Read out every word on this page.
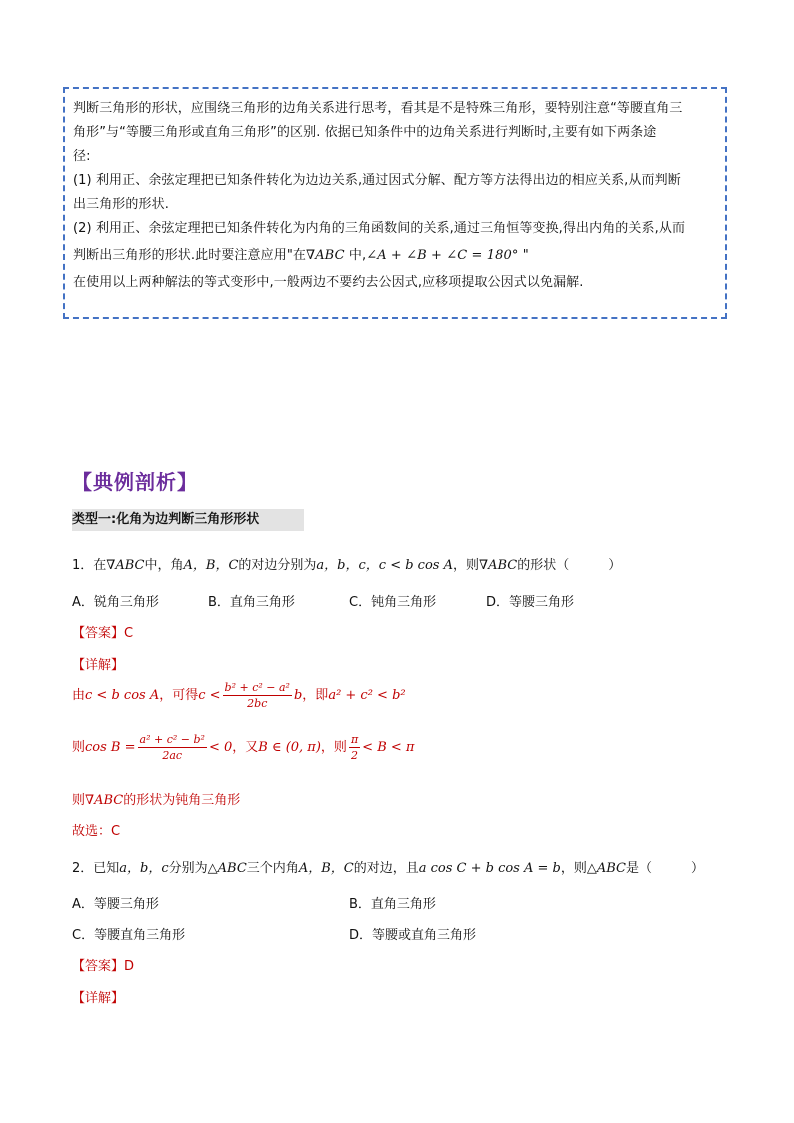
判断三角形的形状，应围绕三角形的边角关系进行思考，看其是不是特殊三角形，要特别注意“等腰直角三

角形”与“等腰三角形或直角三角形”的区别. 依据已知条件中的边角关系进行判断时,主要有如下两条途

径:

(1) 利用正、余弦定理把已知条件转化为边边关系,通过因式分解、配方等方法得出边的相应关系,从而判断

出三角形的形状.

(2) 利用正、余弦定理把已知条件转化为内角的三角函数间的关系,通过三角恒等变换,得出内角的关系,从而

判断出三角形的形状.此时要注意应用"在∇ABC 中,∠A + ∠B + ∠C = 180° "

在使用以上两种解法的等式变形中,一般两边不要约去公因式,应移项提取公因式以免漏解.

【典例剖析】
类型一:化角为边判断三角形形状
1．在∇ABC中，角A，B，C的对边分别为a，b，c，c < b cos A，则∇ABC的形状（　　　）
A．锐角三角形	B．直角三角形	C．钝角三角形	D．等腰三角形
【答案】C
【详解】
由c < b cos A，可得$c < \frac{\text{b² + c² − a²}}{2bc}$ b，即a² + c² < b²
则$\cos B = \frac{\text{a² + c² − b²}}{2ac} < 0$，又B ∈ (0, π)，则 $\frac{\pi}{2} < B < \pi$
则∇ABC的形状为钝角三角形
故选：C
2．已知a，b，c分别为△ABC三个内角A，B，C的对边，且a cos C + b cos A = b，则△ABC是（　　　）
A．等腰三角形	B．直角三角形
C．等腰直角三角形	D．等腰或直角三角形
【答案】D
【详解】
